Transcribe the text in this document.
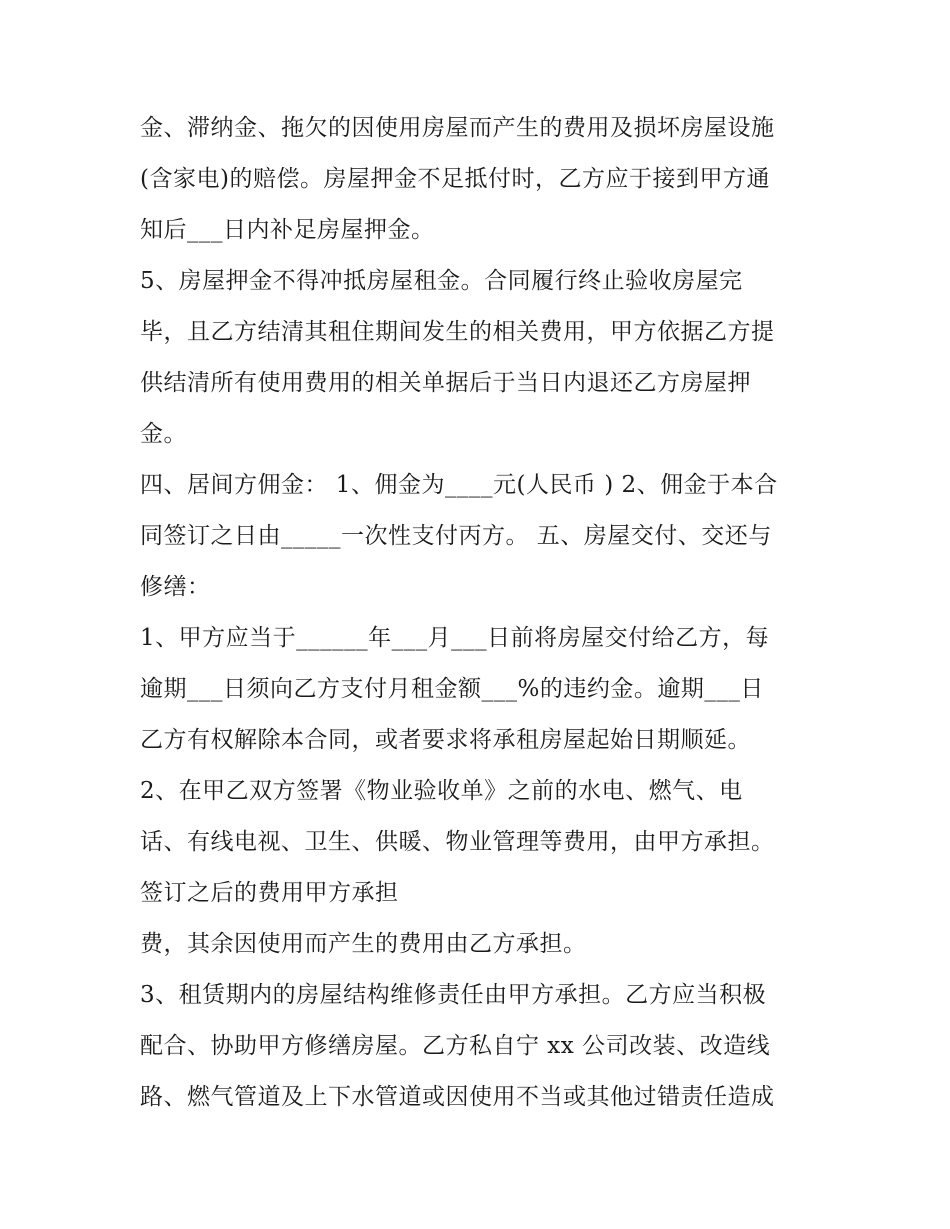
金、滞纳金、拖欠的因使用房屋而产生的费用及损坏房屋设施

(含家电)的赔偿。房屋押金不足抵付时，乙方应于接到甲方通

知后___日内补足房屋押金。

5、房屋押金不得冲抵房屋租金。合同履行终止验收房屋完

毕，且乙方结清其租住期间发生的相关费用，甲方依据乙方提

供结清所有使用费用的相关单据后于当日内退还乙方房屋押

金。

四、居间方佣金： 1、佣金为____元(人民币 ) 2、佣金于本合

同签订之日由_____一次性支付丙方。 五、房屋交付、交还与

修缮：

1、甲方应当于______年___月___日前将房屋交付给乙方，每

逾期___日须向乙方支付月租金额___%的违约金。逾期___日

乙方有权解除本合同，或者要求将承租房屋起始日期顺延。

2、在甲乙双方签署《物业验收单》之前的水电、燃气、电

话、有线电视、卫生、供暖、物业管理等费用，由甲方承担。

签订之后的费用甲方承担

费，其余因使用而产生的费用由乙方承担。

3、租赁期内的房屋结构维修责任由甲方承担。乙方应当积极

配合、协助甲方修缮房屋。乙方私自宁 xx 公司改装、改造线

路、燃气管道及上下水管道或因使用不当或其他过错责任造成
